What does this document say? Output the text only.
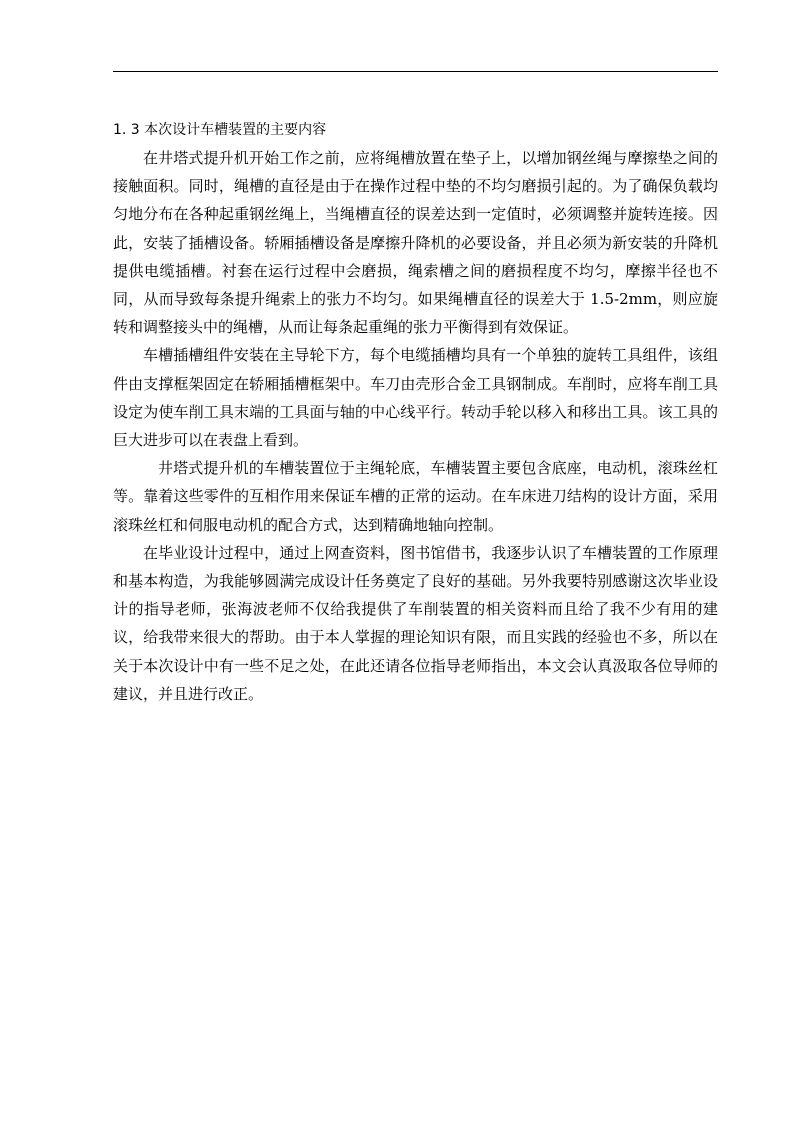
1. 3 本次设计车槽装置的主要内容

在井塔式提升机开始工作之前，应将绳槽放置在垫子上，以增加钢丝绳与摩擦垫之间的接触面积。同时，绳槽的直径是由于在操作过程中垫的不均匀磨损引起的。为了确保负载均匀地分布在各种起重钢丝绳上，当绳槽直径的误差达到一定值时，必须调整并旋转连接。因此，安装了插槽设备。轿厢插槽设备是摩擦升降机的必要设备，并且必须为新安装的升降机提供电缆插槽。衬套在运行过程中会磨损，绳索槽之间的磨损程度不均匀，摩擦半径也不同，从而导致每条提升绳索上的张力不均匀。如果绳槽直径的误差大于 1.5-2mm，则应旋转和调整接头中的绳槽，从而让每条起重绳的张力平衡得到有效保证。

车槽插槽组件安装在主导轮下方，每个电缆插槽均具有一个单独的旋转工具组件，该组件由支撑框架固定在轿厢插槽框架中。车刀由壳形合金工具钢制成。车削时，应将车削工具设定为使车削工具末端的工具面与轴的中心线平行。转动手轮以移入和移出工具。该工具的巨大进步可以在表盘上看到。

井塔式提升机的车槽装置位于主绳轮底，车槽装置主要包含底座，电动机，滚珠丝杠等。靠着这些零件的互相作用来保证车槽的正常的运动。在车床进刀结构的设计方面，采用滚珠丝杠和伺服电动机的配合方式，达到精确地轴向控制。

在毕业设计过程中，通过上网查资料，图书馆借书，我逐步认识了车槽装置的工作原理和基本构造，为我能够圆满完成设计任务奠定了良好的基础。另外我要特别感谢这次毕业设计的指导老师，张海波老师不仅给我提供了车削装置的相关资料而且给了我不少有用的建议，给我带来很大的帮助。由于本人掌握的理论知识有限，而且实践的经验也不多，所以在关于本次设计中有一些不足之处，在此还请各位指导老师指出，本文会认真汲取各位导师的建议，并且进行改正。
